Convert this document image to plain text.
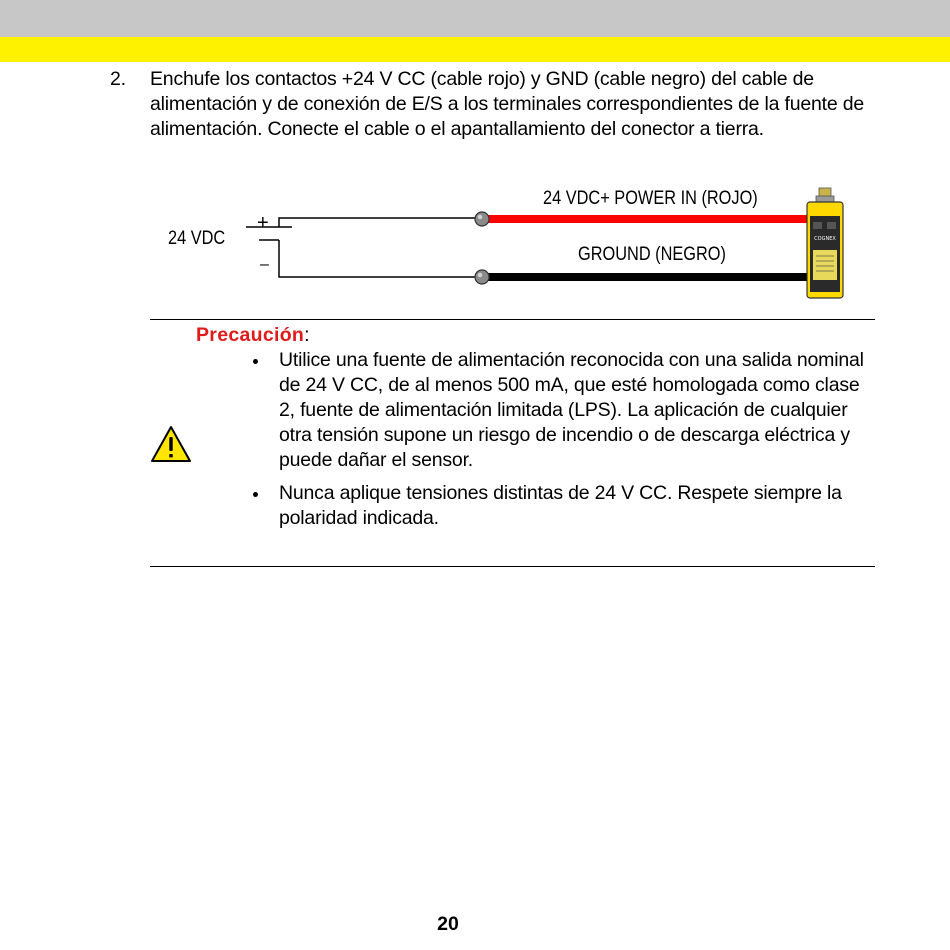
2. Enchufe los contactos +24 V CC (cable rojo) y GND (cable negro) del cable de alimentación y de conexión de E/S a los terminales correspondientes de la fuente de alimentación. Conecte el cable o el apantallamiento del conector a tierra.
COGNEX
24 VDC
+
–
24 VDC+ POWER IN (ROJO)
GROUND (NEGRO)
Precaución:
Utilice una fuente de alimentación reconocida con una salida nominal de 24 V CC, de al menos 500 mA, que esté homologada como clase 2, fuente de alimentación limitada (LPS). La aplicación de cualquier otra tensión supone un riesgo de incendio o de descarga eléctrica y puede dañar el sensor.
Nunca aplique tensiones distintas de 24 V CC. Respete siempre la polaridad indicada.
20
